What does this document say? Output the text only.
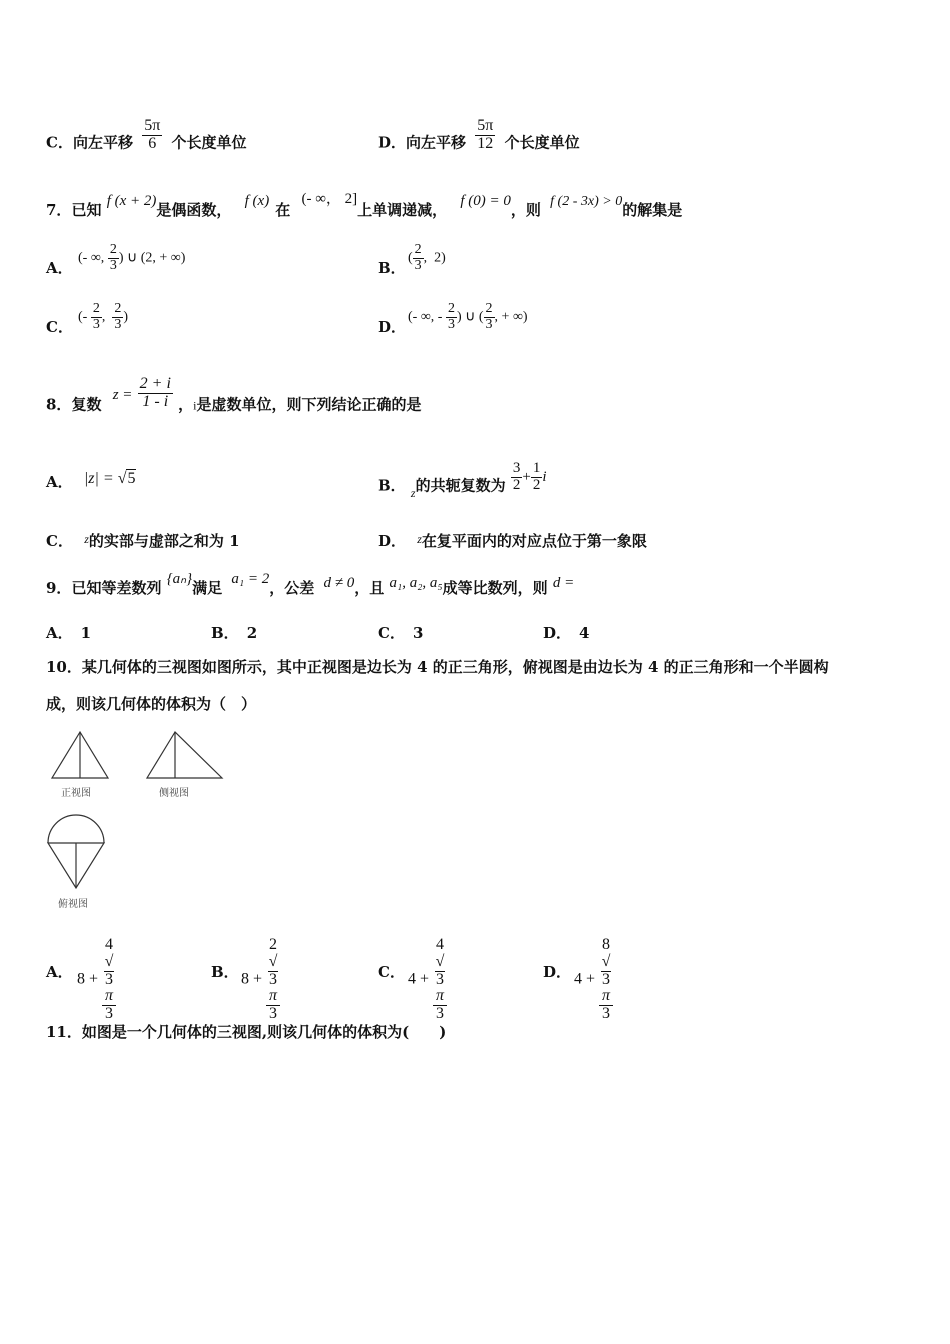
C．向左平移 $\frac{5\pi}{6}$ 个长度单位	D．向左平移 $\frac{5\pi}{12}$ 个长度单位
7．已知 f (x + 2)是偶函数， f (x) 在 (- ∞， 2]上单调递减， f (0) = 0，则 f (2 - 3x) > 0的解集是
A．
(- ∞, $\frac{2}{3}$ ) ∪ (2, + ∞)
B．
( $\frac{2}{3}$ ,  2)
C．
(- $\frac{2}{3}$ , $\frac{2}{3}$ )
D．
(- ∞, - $\frac{2}{3}$ ) ∪ ( $\frac{2}{3}$ , + ∞)
8．复数 $z = \frac{2 + i}{1 - i}$ ，i是虚数单位，则下列结论正确的是
A． |z| = √5	B． $_z$的共轭复数为 $\frac{3}{2} + \frac{1}{2}$ i
C． $^z$的实部与虚部之和为 1	D． $^z$在复平面内的对应点位于第一象限
9．已知等差数列 {aₙ}满足 a₁ = 2，公差 d ≠ 0，且 a₁, a₂, a₅成等比数列，则 d =
A． 1	B． 2	C． 3	D． 4
10．某几何体的三视图如图所示，其中正视图是边长为 4 的正三角形，俯视图是由边长为 4 的正三角形和一个半圆构
成，则该几何体的体积为（　）
正视图	侧视图
俯视图
A． 8 + 4
√
3
π
3	B． 8 + 2
√
3
π
3	C． 4 + 4
√
3
π
3	D． 4 + 8
√
3
π
3
11．如图是一个几何体的三视图,则该几何体的体积为(　　)
